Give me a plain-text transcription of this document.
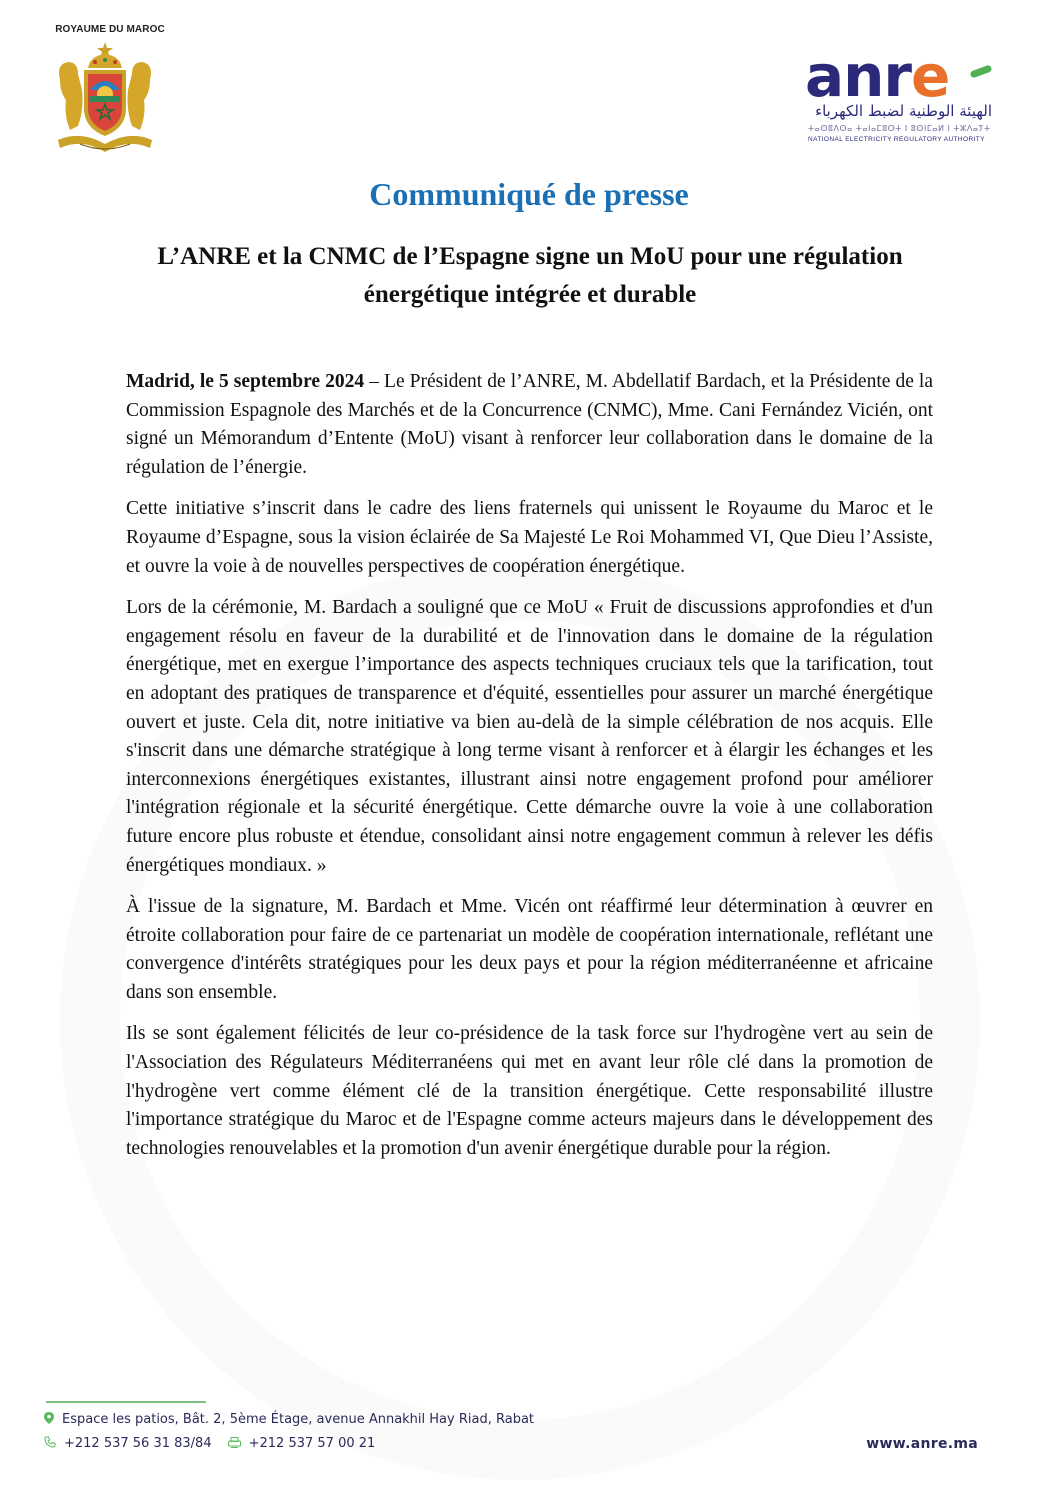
ROYAUME DU MAROC
anre
الهيئة الوطنية لضبط الكهرباء
ⵜⴰⵙⵓⴷⵙⴰ ⵜⴰⵏⴰⵎⵓⵔⵜ ⵏ ⵓⵙⵏⵎⴰⵍ ⵏ ⵜⵣⴷⴰⵢⵜ
NATIONAL ELECTRICITY REGULATORY AUTHORITY
Communiqué de presse
L’ANRE et la CNMC de l’Espagne signe un MoU pour une régulation énergétique intégrée et durable

Madrid, le 5 septembre 2024 – Le Président de l’ANRE, M. Abdellatif Bardach, et la Présidente de la Commission Espagnole des Marchés et de la Concurrence (CNMC), Mme. Cani Fernández Vicién, ont signé un Mémorandum d’Entente (MoU) visant à renforcer leur collaboration dans le domaine de la régulation de l’énergie.

Cette initiative s’inscrit dans le cadre des liens fraternels qui unissent le Royaume du Maroc et le Royaume d’Espagne, sous la vision éclairée de Sa Majesté Le Roi Mohammed VI, Que Dieu l’Assiste, et ouvre la voie à de nouvelles perspectives de coopération énergétique.

Lors de la cérémonie, M. Bardach a souligné que ce MoU « Fruit de discussions approfondies et d'un engagement résolu en faveur de la durabilité et de l'innovation dans le domaine de la régulation énergétique, met en exergue l’importance des aspects techniques cruciaux tels que la tarification, tout en adoptant des pratiques de transparence et d'équité, essentielles pour assurer un marché énergétique ouvert et juste. Cela dit, notre initiative va bien au-delà de la simple célébration de nos acquis. Elle s'inscrit dans une démarche stratégique à long terme visant à renforcer et à élargir les échanges et les interconnexions énergétiques existantes, illustrant ainsi notre engagement profond pour améliorer l'intégration régionale et la sécurité énergétique. Cette démarche ouvre la voie à une collaboration future encore plus robuste et étendue, consolidant ainsi notre engagement commun à relever les défis énergétiques mondiaux. »

À l'issue de la signature, M. Bardach et Mme. Vicén ont réaffirmé leur détermination à œuvrer en étroite collaboration pour faire de ce partenariat un modèle de coopération internationale, reflétant une convergence d'intérêts stratégiques pour les deux pays et pour la région méditerranéenne et africaine dans son ensemble.

Ils se sont également félicités de leur co-présidence de la task force sur l'hydrogène vert au sein de l'Association des Régulateurs Méditerranéens qui met en avant leur rôle clé dans la promotion de l'hydrogène vert comme élément clé de la transition énergétique. Cette responsabilité illustre l'importance stratégique du Maroc et de l'Espagne comme acteurs majeurs dans le développement des technologies renouvelables et la promotion d'un avenir énergétique durable pour la région.

Espace les patios, Bât. 2, 5ème Étage, avenue Annakhil Hay Riad, Rabat
+212 537 56 31 83/84	+212 537 57 00 21	www.anre.ma
